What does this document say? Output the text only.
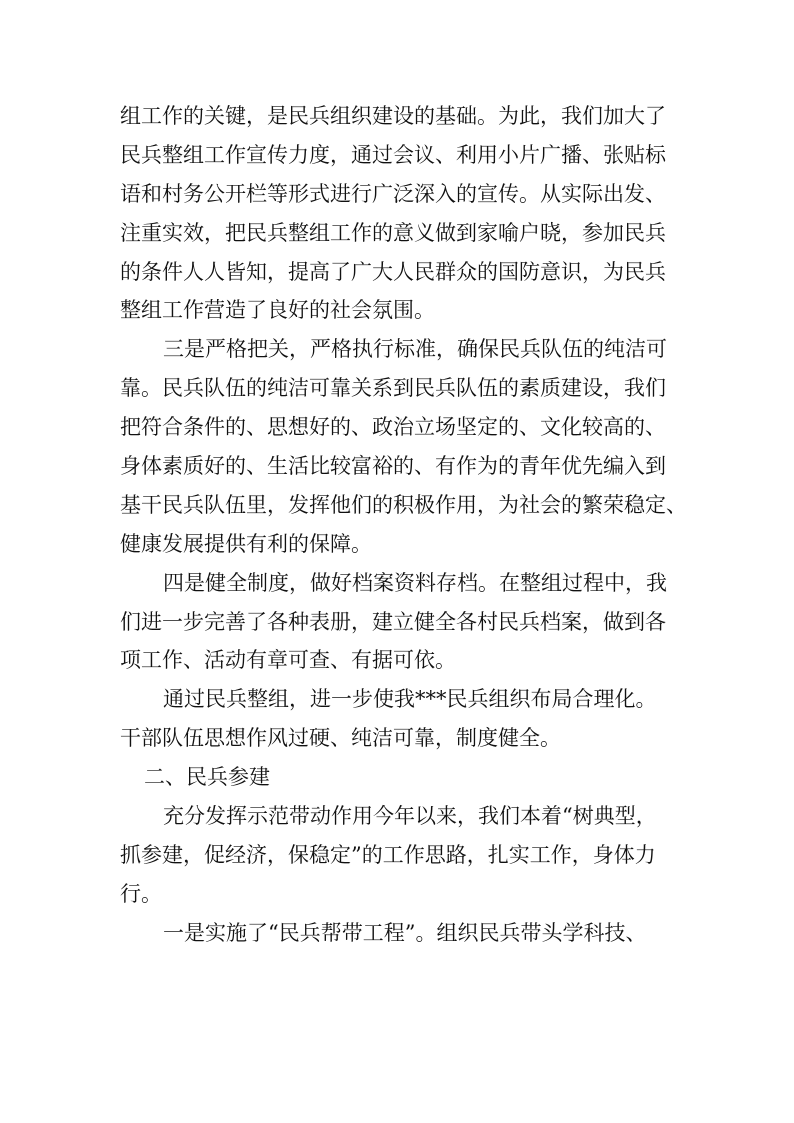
组工作的关键，是民兵组织建设的基础。为此，我们加大了
民兵整组工作宣传力度，通过会议、利用小片广播、张贴标
语和村务公开栏等形式进行广泛深入的宣传。从实际出发、
注重实效，把民兵整组工作的意义做到家喻户晓，参加民兵
的条件人人皆知，提高了广大人民群众的国防意识，为民兵
整组工作营造了良好的社会氛围。
三是严格把关，严格执行标准，确保民兵队伍的纯洁可
靠。民兵队伍的纯洁可靠关系到民兵队伍的素质建设，我们
把符合条件的、思想好的、政治立场坚定的、文化较高的、
身体素质好的、生活比较富裕的、有作为的青年优先编入到
基干民兵队伍里，发挥他们的积极作用，为社会的繁荣稳定、
健康发展提供有利的保障。
四是健全制度，做好档案资料存档。在整组过程中，我
们进一步完善了各种表册，建立健全各村民兵档案，做到各
项工作、活动有章可查、有据可依。
通过民兵整组，进一步使我***民兵组织布局合理化。
干部队伍思想作风过硬、纯洁可靠，制度健全。
二、民兵参建
充分发挥示范带动作用今年以来，我们本着“树典型，
抓参建，促经济，保稳定”的工作思路，扎实工作，身体力
行。
一是实施了“民兵帮带工程”。组织民兵带头学科技、
